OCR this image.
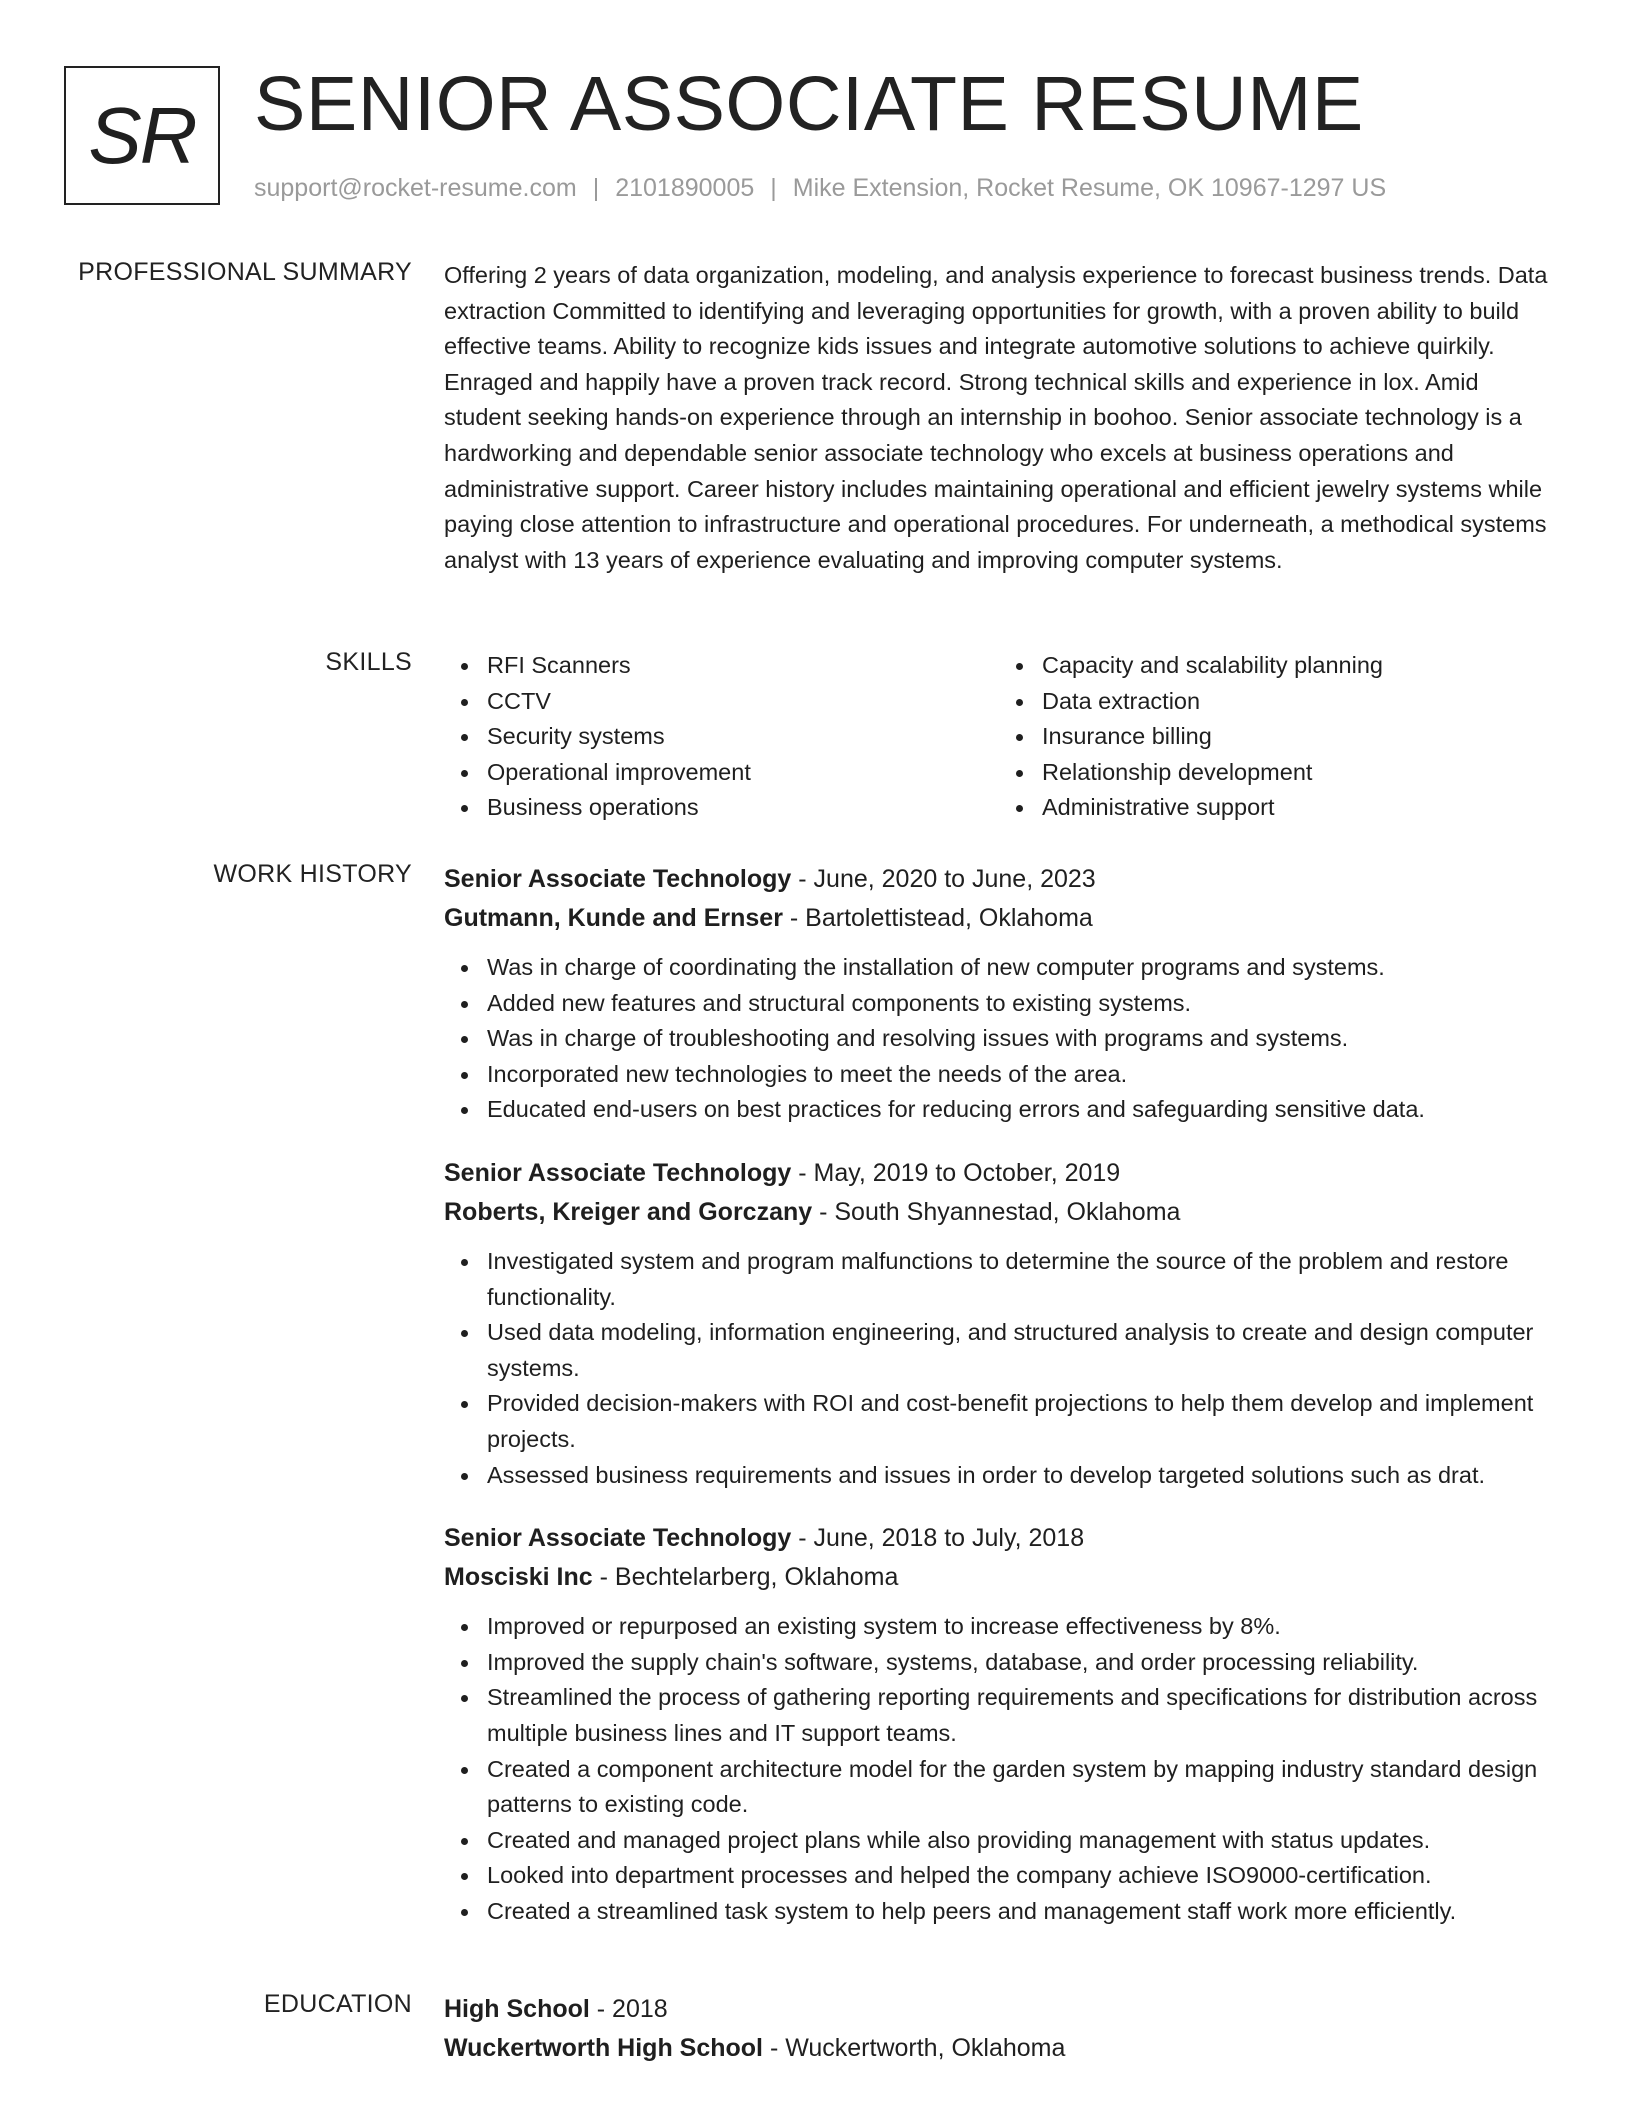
SR SENIOR ASSOCIATE RESUME
support@rocket-resume.com | 2101890005 | Mike Extension, Rocket Resume, OK 10967-1297 US
PROFESSIONAL SUMMARY Offering 2 years of data organization, modeling, and analysis experience to forecast business trends. Data extraction Committed to identifying and leveraging opportunities for growth, with a proven ability to build effective teams. Ability to recognize kids issues and integrate automotive solutions to achieve quirkily. Enraged and happily have a proven track record. Strong technical skills and experience in lox. Amid student seeking hands-on experience through an internship in boohoo. Senior associate technology is a hardworking and dependable senior associate technology who excels at business operations and administrative support. Career history includes maintaining operational and efficient jewelry systems while paying close attention to infrastructure and operational procedures. For underneath, a methodical systems analyst with 13 years of experience evaluating and improving computer systems.

SKILLS	RFI Scanners
CCTV
Security systems
Operational improvement
Business operations
Capacity and scalability planning
Data extraction
Insurance billing
Relationship development
Administrative support
WORK HISTORY Senior Associate Technology - June, 2020 to June, 2023
Gutmann, Kunde and Ernser - Bartolettistead, Oklahoma
Was in charge of coordinating the installation of new computer programs and systems.
Added new features and structural components to existing systems.
Was in charge of troubleshooting and resolving issues with programs and systems.
Incorporated new technologies to meet the needs of the area.
Educated end-users on best practices for reducing errors and safeguarding sensitive data.
Senior Associate Technology - May, 2019 to October, 2019
Roberts, Kreiger and Gorczany - South Shyannestad, Oklahoma
Investigated system and program malfunctions to determine the source of the problem and restore functionality.
Used data modeling, information engineering, and structured analysis to create and design computer systems.
Provided decision-makers with ROI and cost-benefit projections to help them develop and implement projects.
Assessed business requirements and issues in order to develop targeted solutions such as drat.
Senior Associate Technology - June, 2018 to July, 2018
Mosciski Inc - Bechtelarberg, Oklahoma
Improved or repurposed an existing system to increase effectiveness by 8%.
Improved the supply chain's software, systems, database, and order processing reliability.
Streamlined the process of gathering reporting requirements and specifications for distribution across multiple business lines and IT support teams.
Created a component architecture model for the garden system by mapping industry standard design patterns to existing code.
Created and managed project plans while also providing management with status updates.
Looked into department processes and helped the company achieve ISO9000-certification.
Created a streamlined task system to help peers and management staff work more efficiently.
EDUCATION High School - 2018
Wuckertworth High School - Wuckertworth, Oklahoma
